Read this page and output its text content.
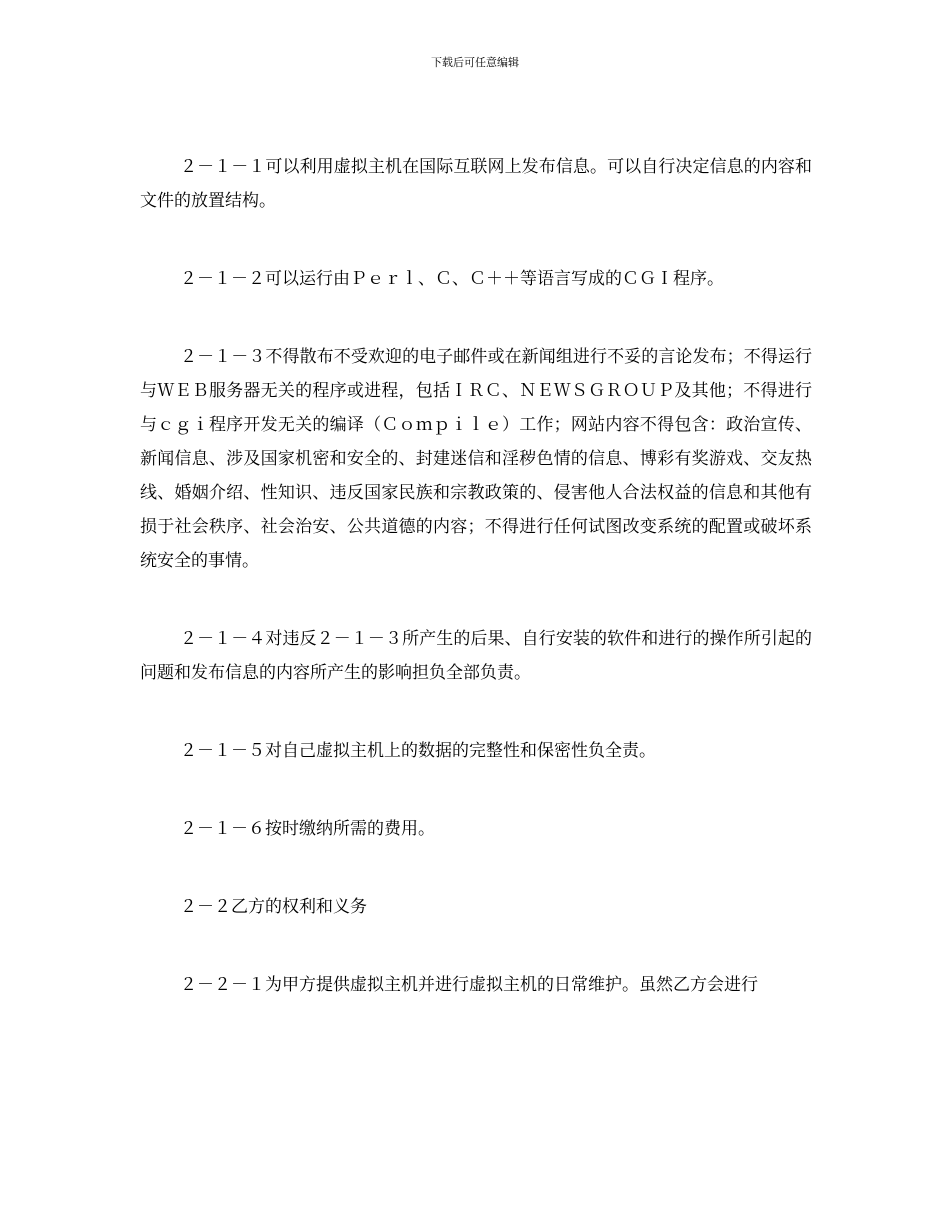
下载后可任意编辑

２－１－１可以利用虚拟主机在国际互联网上发布信息。可以自行决定信息的内容和文件的放置结构。

２－１－２可以运行由Ｐｅｒｌ、Ｃ、Ｃ＋＋等语言写成的ＣＧＩ程序。

２－１－３不得散布不受欢迎的电子邮件或在新闻组进行不妥的言论发布；不得运行与ＷＥＢ服务器无关的程序或进程，包括ＩＲＣ、ＮＥＷＳＧＲＯＵＰ及其他；不得进行与ｃｇｉ程序开发无关的编译（Ｃｏｍｐｉｌｅ）工作；网站内容不得包含：政治宣传、新闻信息、涉及国家机密和安全的、封建迷信和淫秽色情的信息、博彩有奖游戏、交友热线、婚姻介绍、性知识、违反国家民族和宗教政策的、侵害他人合法权益的信息和其他有损于社会秩序、社会治安、公共道德的内容；不得进行任何试图改变系统的配置或破坏系统安全的事情。

２－１－４对违反２－１－３所产生的后果、自行安装的软件和进行的操作所引起的问题和发布信息的内容所产生的影响担负全部负责。

２－１－５对自己虚拟主机上的数据的完整性和保密性负全责。

２－１－６按时缴纳所需的费用。

２－２乙方的权利和义务

２－２－１为甲方提供虚拟主机并进行虚拟主机的日常维护。虽然乙方会进行
